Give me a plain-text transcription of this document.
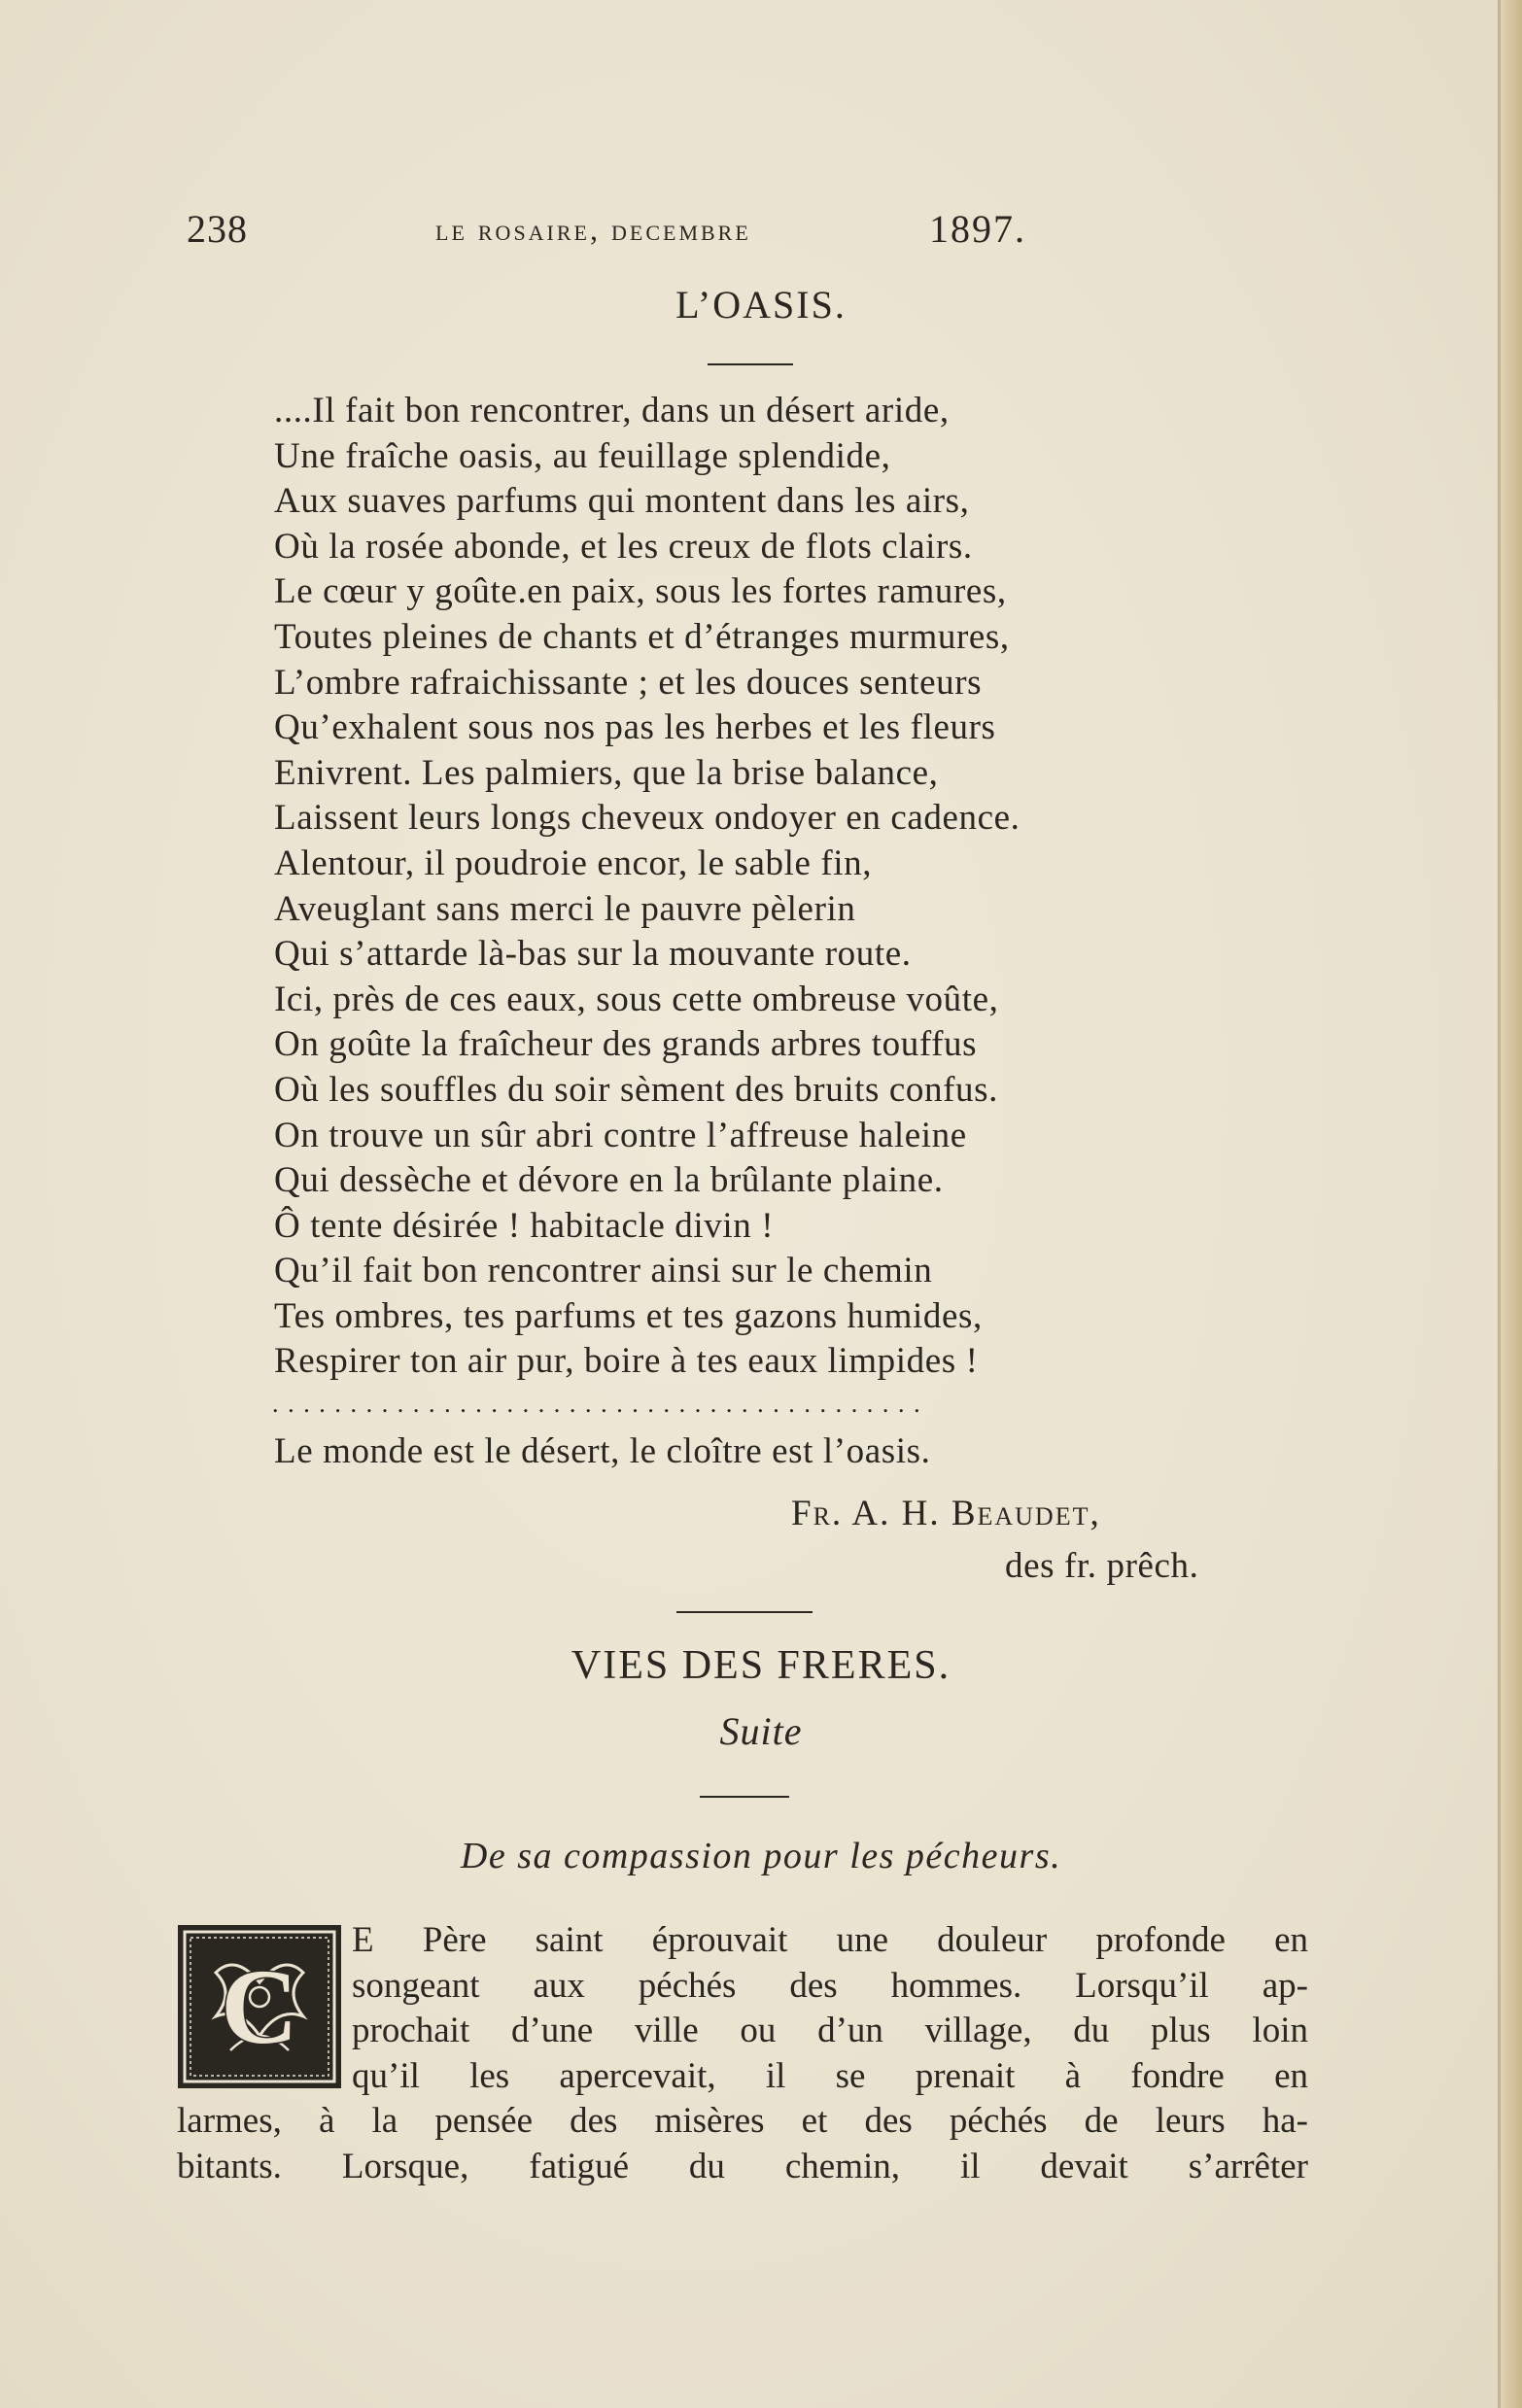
238	le rosaire, decembre	1897.
L’OASIS.
....Il fait bon rencontrer, dans un désert aride,
Une fraîche oasis, au feuillage splendide,
Aux suaves parfums qui montent dans les airs,
Où la rosée abonde, et les creux de flots clairs.
Le cœur y goûte.en paix, sous les fortes ramures,
Toutes pleines de chants et d’étranges murmures,
L’ombre rafraichissante ; et les douces senteurs
Qu’exhalent sous nos pas les herbes et les fleurs
Enivrent. Les palmiers, que la brise balance,
Laissent leurs longs cheveux ondoyer en cadence.
Alentour, il poudroie encor, le sable fin,
Aveuglant sans merci le pauvre pèlerin
Qui s’attarde là-bas sur la mouvante route.
Ici, près de ces eaux, sous cette ombreuse voûte,
On goûte la fraîcheur des grands arbres touffus
Où les souffles du soir sèment des bruits confus.
On trouve un sûr abri contre l’affreuse haleine
Qui dessèche et dévore en la brûlante plaine.
Ô tente désirée ! habitacle divin !
Qu’il fait bon rencontrer ainsi sur le chemin
Tes ombres, tes parfums et tes gazons humides,
Respirer ton air pur, boire à tes eaux limpides !
..........................................
Le monde est le désert, le cloître est l’oasis.
Fr. A. H. Beaudet,
des fr. prêch.
VIES DES FRERES.
Suite
De sa compassion pour les pécheurs.
C
E Père saint éprouvait une douleur profonde en
songeant aux péchés des hommes. Lorsqu’il ap-
prochait d’une ville ou d’un village, du plus loin
qu’il les apercevait, il se prenait à fondre en
larmes, à la pensée des misères et des péchés de leurs ha-
bitants. Lorsque, fatigué du chemin, il devait s’arrêter
